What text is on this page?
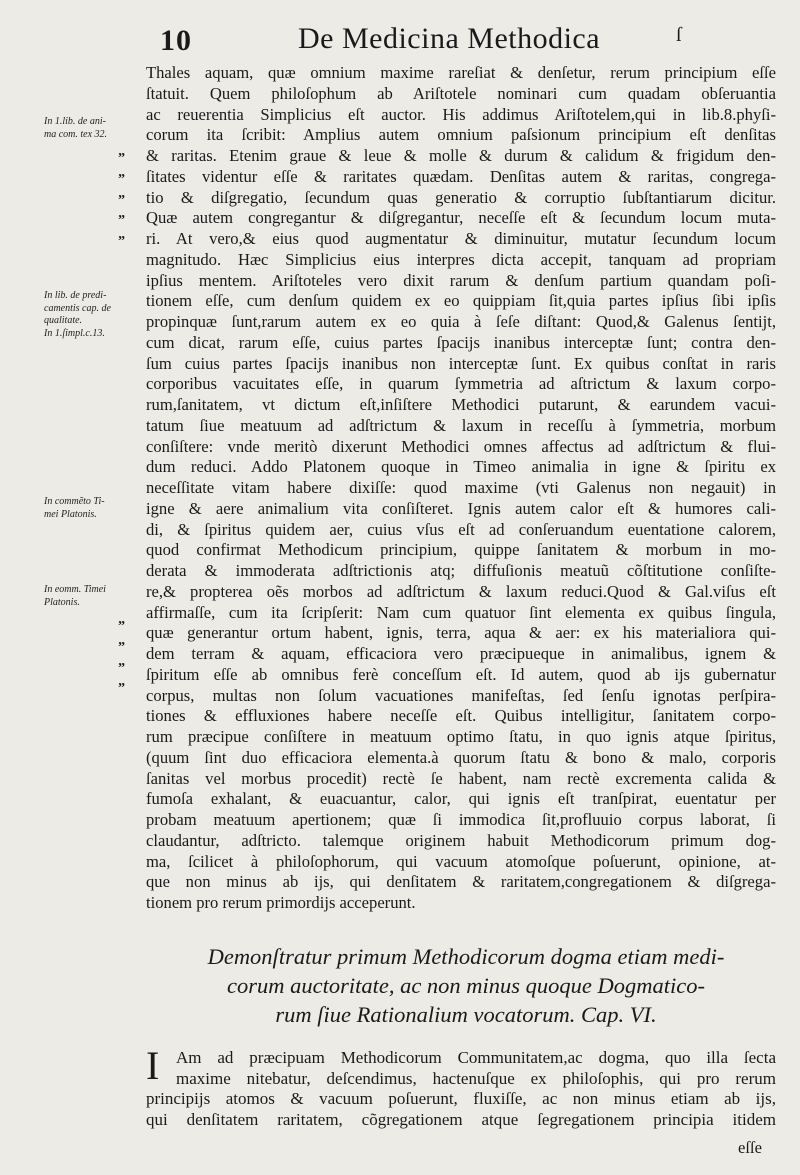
10	De Medicina Methodica	ſ
In 1.lib. de ani-
ma com. tex 32.
In lib. de predi-
camentis cap. de
qualitate.
In 1.ſimpl.c.13.
In commẽto Ti-
mei Platonis.
In eomm. Timei
Platonis.
”
”
”
”
”
”
”
”
”
Thales aquam, quæ omnium maxime rareſiat & denſetur, rerum principium eſſe
ſtatuit. Quem philoſophum ab Ariſtotele nominari cum quadam obſeruantia
ac reuerentia Simplicius eſt auctor. His addimus Ariſtotelem,qui in lib.8.phyſi-
corum ita ſcribit: Amplius autem omnium paſsionum principium eſt denſitas
& raritas. Etenim graue & leue & molle & durum & calidum & frigidum den-
ſitates videntur eſſe & raritates quædam. Denſitas autem & raritas, congrega-
tio & diſgregatio, ſecundum quas generatio & corruptio ſubſtantiarum dicitur.
Quæ autem congregantur & diſgregantur, neceſſe eſt & ſecundum locum muta-
ri. At vero,& eius quod augmentatur & diminuitur, mutatur ſecundum locum
magnitudo. Hæc Simplicius eius interpres dicta accepit, tanquam ad propriam
ipſius mentem. Ariſtoteles vero dixit rarum & denſum partium quandam poſi-
tionem eſſe, cum denſum quidem ex eo quippiam ſit,quia partes ipſius ſibi ipſis
propinquæ ſunt,rarum autem ex eo quia à ſeſe diſtant: Quod,& Galenus ſentijt,
cum dicat, rarum eſſe, cuius partes ſpacijs inanibus interceptæ ſunt; contra den-
ſum cuius partes ſpacijs inanibus non interceptæ ſunt. Ex quibus conſtat in raris
corporibus vacuitates eſſe, in quarum ſymmetria ad aſtrictum & laxum corpo-
rum,ſanitatem, vt dictum eſt,inſiſtere Methodici putarunt, & earundem vacui-
tatum ſiue meatuum ad adſtrictum & laxum in receſſu à ſymmetria, morbum
conſiſtere: vnde meritò dixerunt Methodici omnes affectus ad adſtrictum & flui-
dum reduci. Addo Platonem quoque in Timeo animalia in igne & ſpiritu ex
neceſſitate vitam habere dixiſſe: quod maxime (vti Galenus non negauit) in
igne & aere animalium vita conſiſteret. Ignis autem calor eſt & humores cali-
di, & ſpiritus quidem aer, cuius vſus eſt ad conſeruandum euentatione calorem,
quod confirmat Methodicum principium, quippe ſanitatem & morbum in mo-
derata & immoderata adſtrictionis atq; diffuſionis meatuũ cõſtitutione conſiſte-
re,& propterea oẽs morbos ad adſtrictum & laxum reduci.Quod & Gal.viſus eſt
affirmaſſe, cum ita ſcripſerit: Nam cum quatuor ſint elementa ex quibus ſingula,
quæ generantur ortum habent, ignis, terra, aqua & aer: ex his materialiora qui-
dem terram & aquam, efficaciora vero præcipueque in animalibus, ignem &
ſpiritum eſſe ab omnibus ferè conceſſum eſt. Id autem, quod ab ijs gubernatur
corpus, multas non ſolum vacuationes manifeſtas, ſed ſenſu ignotas perſpira-
tiones & effluxiones habere neceſſe eſt. Quibus intelligitur, ſanitatem corpo-
rum præcipue conſiſtere in meatuum optimo ſtatu, in quo ignis atque ſpiritus,
(quum ſint duo efficaciora elementa.à quorum ſtatu & bono & malo, corporis
ſanitas vel morbus procedit) rectè ſe habent, nam rectè excrementa calida &
fumoſa exhalant, & euacuantur, calor, qui ignis eſt tranſpirat, euentatur per
probam meatuum apertionem; quæ ſi immodica ſit,profluuio corpus laborat, ſi
claudantur, adſtricto. talemque originem habuit Methodicorum primum dog-
ma, ſcilicet à philoſophorum, qui vacuum atomoſque poſuerunt, opinione, at-
que non minus ab ijs, qui denſitatem & raritatem,congregationem & diſgrega-
tionem pro rerum primordijs acceperunt.
Demonſtratur primum Methodicorum dogma etiam medi-
corum auctoritate, ac non minus quoque Dogmatico-
rum ſiue Rationalium vocatorum. Cap. VI.
I Am ad præcipuam Methodicorum Communitatem,ac dogma, quo illa ſecta
maxime nitebatur, deſcendimus, hactenuſque ex philoſophis, qui pro rerum
principijs atomos & vacuum poſuerunt, fluxiſſe, ac non minus etiam ab ijs,
qui denſitatem raritatem, cõgregationem atque ſegregationem principia itidem
eſſe
